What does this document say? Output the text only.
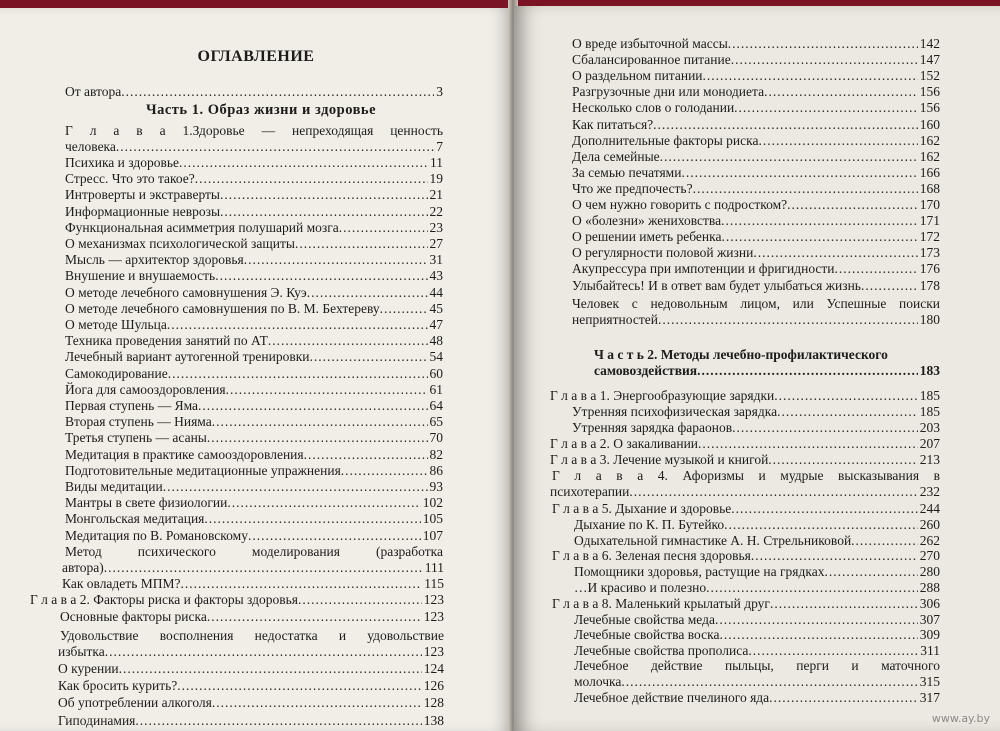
ОГЛАВЛЕНИЕ
От автора .....	3
Часть 1. Образ жизни и здоровье
Г л а в а 1.Здоровье — непреходящая ценность
человека .....	7
Психика и здоровье .....	11
Стресс. Что это такое? .....	19
Интроверты и экстраверты .....	21
Информационные неврозы .....	22
Функциональная асимметрия полушарий мозга .....	23
О механизмах психологической защиты .....	27
Мысль — архитектор здоровья .....	31
Внушение и внушаемость .....	43
О методе лечебного самовнушения Э. Куэ .....	44
О методе лечебного самовнушения по В. М. Бехтереву .....	45
О методе Шульца .....	47
Техника проведения занятий по АТ .....	48
Лечебный вариант аутогенной тренировки .....	54
Самокодирование .....	60
Йога для самооздоровления .....	61
Первая ступень — Яма .....	64
Вторая ступень — Нияма .....	65
Третья ступень — асаны .....	70
Медитация в практике самооздоровления .....	82
Подготовительные медитационные упражнения .....	86
Виды медитации .....	93
Мантры в свете физиологии .....	102
Монгольская медитация .....	105
Медитация по В. Романовскому .....	107
Метод психического моделирования (разработка
автора) .....	111
Как овладеть МПМ? .....	115
Г л а в а 2. Факторы риска и факторы здоровья .....	123
Основные факторы риска .....	123
Удовольствие восполнения недостатка и удовольствие
избытка .....	123
О курении .....	124
Как бросить курить? .....	126
Об употреблении алкоголя .....	128
Гиподинамия .....	138
О вреде избыточной массы .....	142
Сбалансированное питание .....	147
О раздельном питании .....	152
Разгрузочные дни или монодиета .....	156
Несколько слов о голодании .....	156
Как питаться? .....	160
Дополнительные факторы риска .....	162
Дела семейные .....	162
За семью печатями .....	166
Что же предпочесть? .....	168
О чем нужно говорить с подростком? .....	170
О «болезни» жениховства .....	171
О решении иметь ребенка .....	172
О регулярности половой жизни .....	173
Акупрессура при импотенции и фригидности .....	176
Улыбайтесь! И в ответ вам будет улыбаться жизнь .....	178
Человек с недовольным лицом, или Успешные поиски
неприятностей .....	180
Ч а с т ь 2. Методы лечебно-профилактического
самовоздействия .....	183
Г л а в а 1. Энергообразующие зарядки .....	185
Утренняя психофизическая зарядка .....	185
Утренняя зарядка фараонов .....	203
Г л а в а 2. О закаливании .....	207
Г л а в а 3. Лечение музыкой и книгой .....	213
Г л а в а 4. Афоризмы и мудрые высказывания в
психотерапии .....	232
Г л а в а 5. Дыхание и здоровье .....	244
Дыхание по К. П. Бутейко .....	260
Одыхательной гимнастике А. Н. Стрельниковой .....	262
Г л а в а 6. Зеленая песня здоровья .....	270
Помощники здоровья, растущие на грядках .....	280
…И красиво и полезно .....	288
Г л а в а 8. Маленький крылатый друг .....	306
Лечебные свойства меда .....	307
Лечебные свойства воска .....	309
Лечебные свойства прополиса .....	311
Лечебное действие пыльцы, перги и маточного
молочка .....	315
Лечебное действие пчелиного яда .....	317
www.ay.by
